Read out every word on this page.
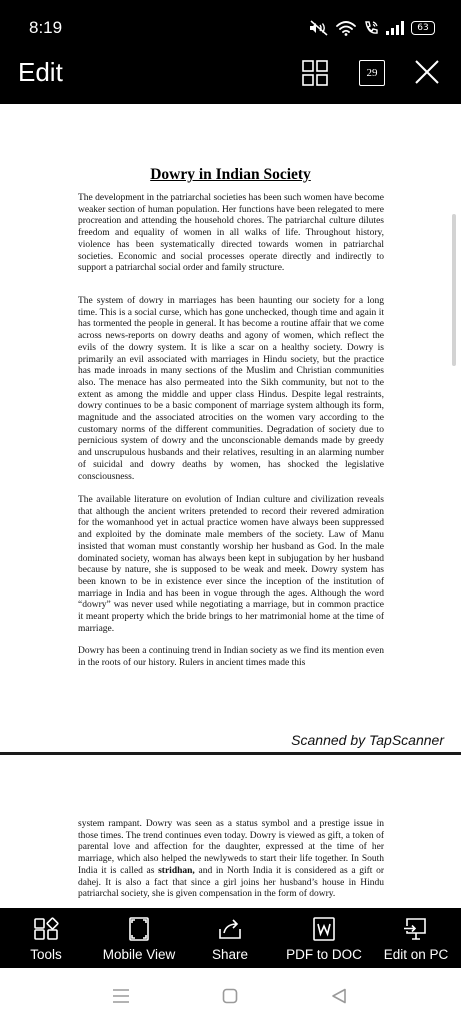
8:19	63
Edit	29
Dowry in Indian Society

The development in the patriarchal societies has been such women have become weaker section of human population. Her functions have been relegated to mere procreation and attending the household chores. The patriarchal culture dilutes freedom and equality of women in all walks of life. Throughout history, violence has been systematically directed towards women in patriarchal societies. Economic and social processes operate directly and indirectly to support a patriarchal social order and family structure.

The system of dowry in marriages has been haunting our society for a long time. This is a social curse, which has gone unchecked, though time and again it has tormented the people in general. It has become a routine affair that we come across news-reports on dowry deaths and agony of women, which reflect the evils of the dowry system. It is like a scar on a healthy society. Dowry is primarily an evil associated with marriages in Hindu society, but the practice has made inroads in many sections of the Muslim and Christian communities also. The menace has also permeated into the Sikh community, but not to the extent as among the middle and upper class Hindus. Despite legal restraints, dowry continues to be a basic component of marriage system although its form, magnitude and the associated atrocities on the women vary according to the customary norms of the different communities. Degradation of society due to pernicious system of dowry and the unconscionable demands made by greedy and unscrupulous husbands and their relatives, resulting in an alarming number of suicidal and dowry deaths by women, has shocked the legislative consciousness.

The available literature on evolution of Indian culture and civilization reveals that although the ancient writers pretended to record their revered admiration for the womanhood yet in actual practice women have always been suppressed and exploited by the dominate male members of the society. Law of Manu insisted that woman must constantly worship her husband as God. In the male dominated society, woman has always been kept in subjugation by her husband because by nature, she is supposed to be weak and meek. Dowry system has been known to be in existence ever since the inception of the institution of marriage in India and has been in vogue through the ages. Although the word “dowry” was never used while negotiating a marriage, but in common practice it meant property which the bride brings to her matrimonial home at the time of marriage.

Dowry has been a continuing trend in Indian society as we find its mention even in the roots of our history. Rulers in ancient times made this

Scanned by TapScanner

system rampant. Dowry was seen as a status symbol and a prestige issue in those times. The trend continues even today. Dowry is viewed as gift, a token of parental love and affection for the daughter, expressed at the time of her marriage, which also helped the newlyweds to start their life together. In South India it is called as stridhan, and in North India it is considered as a gift or dahej. It is also a fact that since a girl joins her husband’s house in Hindu patriarchal society, she is given compensation in the form of dowry.

Tools	Mobile View	Share	PDF to DOC	Edit on PC
